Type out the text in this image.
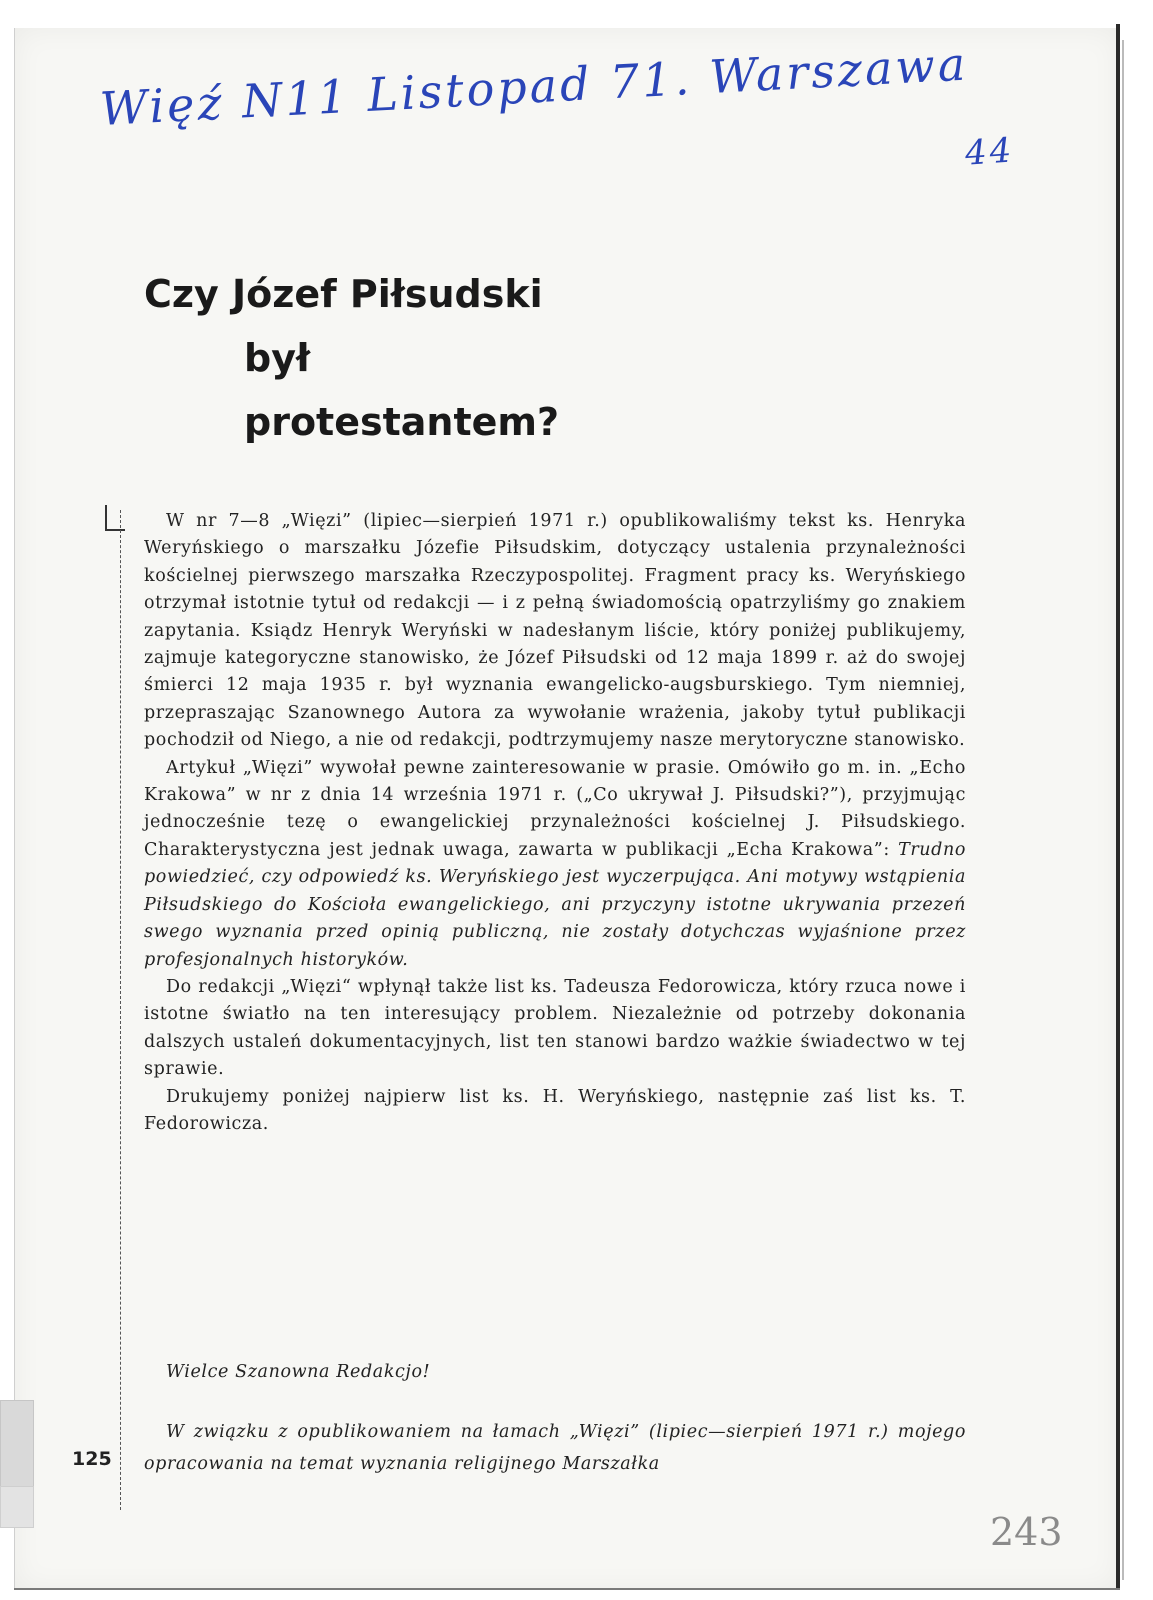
Więź N11 Listopad 71. Warszawa
44
243
Czy Józef Piłsudski
był
protestantem?

W nr 7—8 „Więzi” (lipiec—sierpień 1971 r.) opublikowaliśmy tekst ks. Henryka Weryńskiego o marszałku Józefie Piłsudskim, dotyczący ustalenia przynależności kościelnej pierwszego marszałka Rzeczypospolitej. Fragment pracy ks. Weryńskiego otrzymał istotnie tytuł od redakcji — i z pełną świadomością opatrzyliśmy go znakiem zapytania. Ksiądz Henryk Weryński w nadesłanym liście, który poniżej publikujemy, zajmuje kategoryczne stanowisko, że Józef Piłsudski od 12 maja 1899 r. aż do swojej śmierci 12 maja 1935 r. był wyznania ewangelicko-augsburskiego. Tym niemniej, przepraszając Szanownego Autora za wywołanie wrażenia, jakoby tytuł publikacji pochodził od Niego, a nie od redakcji, podtrzymujemy nasze merytoryczne stanowisko.

Artykuł „Więzi” wywołał pewne zainteresowanie w prasie. Omówiło go m. in. „Echo Krakowa” w nr z dnia 14 września 1971 r. („Co ukrywał J. Piłsudski?”), przyjmując jednocześnie tezę o ewangelickiej przynależności kościelnej J. Piłsudskiego. Charakterystyczna jest jednak uwaga, zawarta w publikacji „Echa Krakowa”: Trudno powiedzieć, czy odpowiedź ks. Weryńskiego jest wyczerpująca. Ani motywy wstąpienia Piłsudskiego do Kościoła ewangelickiego, ani przyczyny istotne ukrywania przezeń swego wyznania przed opinią publiczną, nie zostały dotychczas wyjaśnione przez profesjonalnych historyków.

Do redakcji „Więzi“ wpłynął także list ks. Tadeusza Fedorowicza, który rzuca nowe i istotne światło na ten interesujący problem. Niezależnie od potrzeby dokonania dalszych ustaleń dokumentacyjnych, list ten stanowi bardzo ważkie świadectwo w tej sprawie.

Drukujemy poniżej najpierw list ks. H. Weryńskiego, następnie zaś list ks. T. Fedorowicza.

Wielce Szanowna Redakcjo!

W związku z opublikowaniem na łamach „Więzi” (lipiec—sierpień 1971 r.) mojego opracowania na temat wyznania religijnego Marszałka

125
